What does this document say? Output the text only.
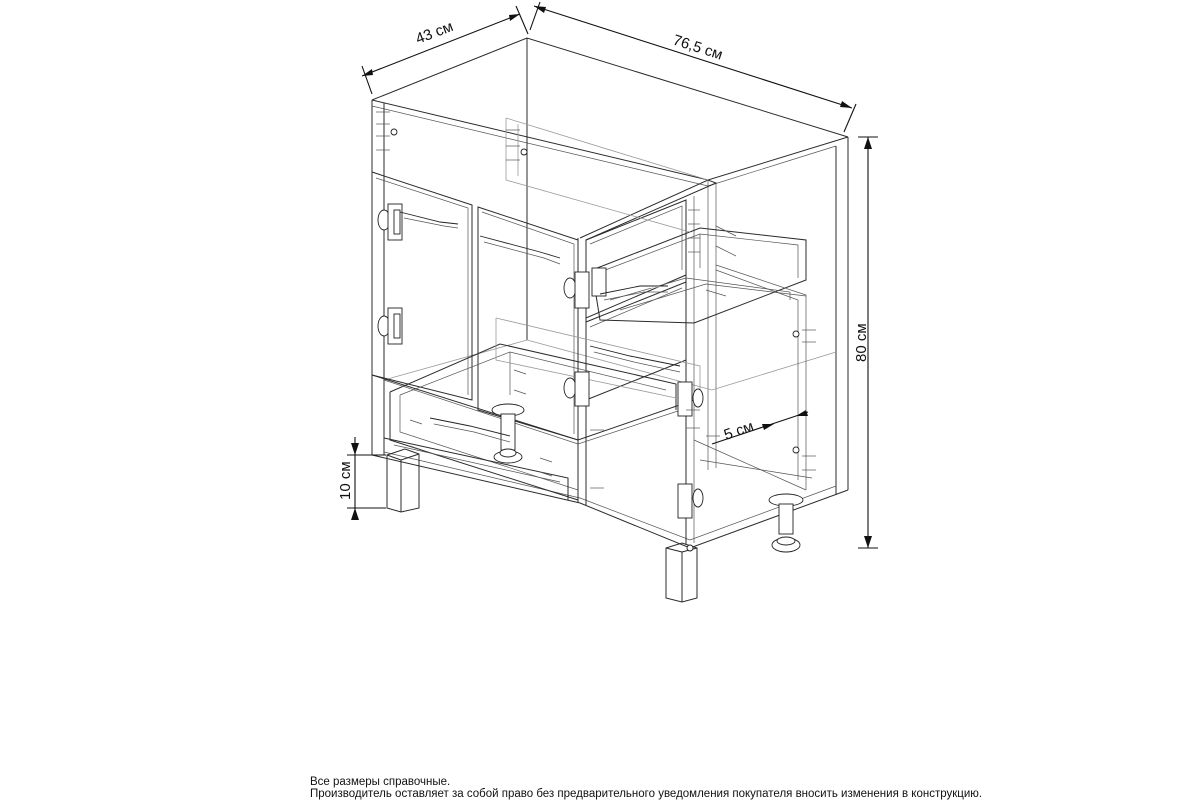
43 см	76,5 см
80 см
10 см
5 см
Все размеры справочные.
Производитель оставляет за собой право без предварительного уведомления покупателя вносить изменения в конструкцию.
